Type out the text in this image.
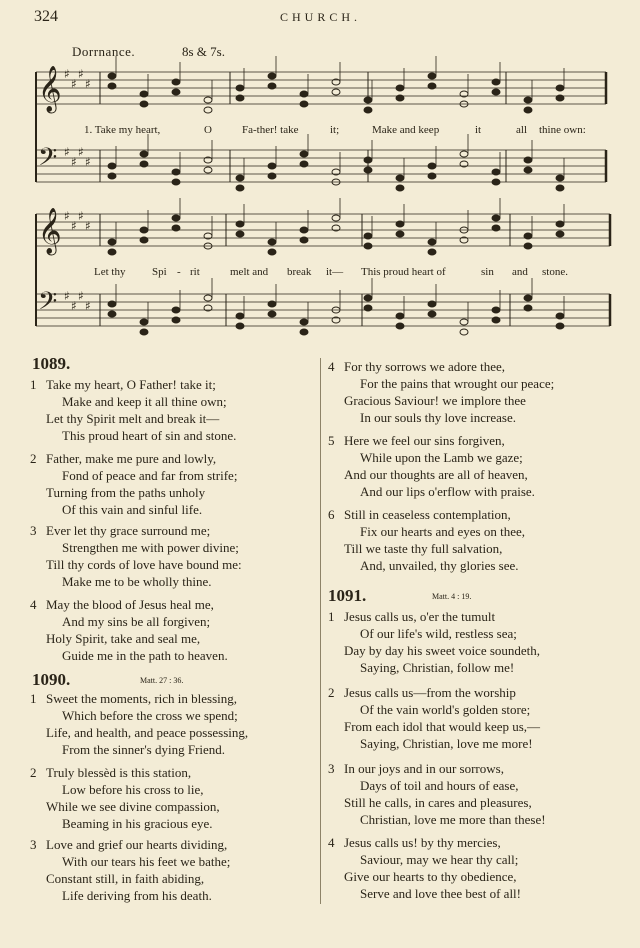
324	CHURCH.
Dorrnance.	8s & 7s.
𝄞 ♯
♯
♯
♯
𝄢 ♯
♯
♯
♯
𝄞 ♯
♯
♯
♯
𝄢 ♯
♯
♯
♯
1. Take my heart,	O	Fa-ther! take	it;	Make and keep	it	all thine own:
Let thy Spi - rit	melt and break it— This proud heart of	sin and stone.
1089.
1 Take my heart, O Father! take it;
Make and keep it all thine own;
Let thy Spirit melt and break it—
This proud heart of sin and stone.
2 Father, make me pure and lowly,
Fond of peace and far from strife;
Turning from the paths unholy
Of this vain and sinful life.
3 Ever let thy grace surround me;
Strengthen me with power divine;
Till thy cords of love have bound me:
Make me to be wholly thine.
4 May the blood of Jesus heal me,
And my sins be all forgiven;
Holy Spirit, take and seal me,
Guide me in the path to heaven.
1090.	Matt. 27 : 36.
1 Sweet the moments, rich in blessing,
Which before the cross we spend;
Life, and health, and peace possessing,
From the sinner's dying Friend.
2 Truly blessèd is this station,
Low before his cross to lie,
While we see divine compassion,
Beaming in his gracious eye.
3 Love and grief our hearts dividing,
With our tears his feet we bathe;
Constant still, in faith abiding,
Life deriving from his death.
4 For thy sorrows we adore thee,
For the pains that wrought our peace;
Gracious Saviour! we implore thee
In our souls thy love increase.
5 Here we feel our sins forgiven,
While upon the Lamb we gaze;
And our thoughts are all of heaven,
And our lips o'erflow with praise.
6 Still in ceaseless contemplation,
Fix our hearts and eyes on thee,
Till we taste thy full salvation,
And, unvailed, thy glories see.
1091.	Matt. 4 : 19.
1 Jesus calls us, o'er the tumult
Of our life's wild, restless sea;
Day by day his sweet voice soundeth,
Saying, Christian, follow me!
2 Jesus calls us—from the worship
Of the vain world's golden store;
From each idol that would keep us,—
Saying, Christian, love me more!
3 In our joys and in our sorrows,
Days of toil and hours of ease,
Still he calls, in cares and pleasures,
Christian, love me more than these!
4 Jesus calls us! by thy mercies,
Saviour, may we hear thy call;
Give our hearts to thy obedience,
Serve and love thee best of all!
